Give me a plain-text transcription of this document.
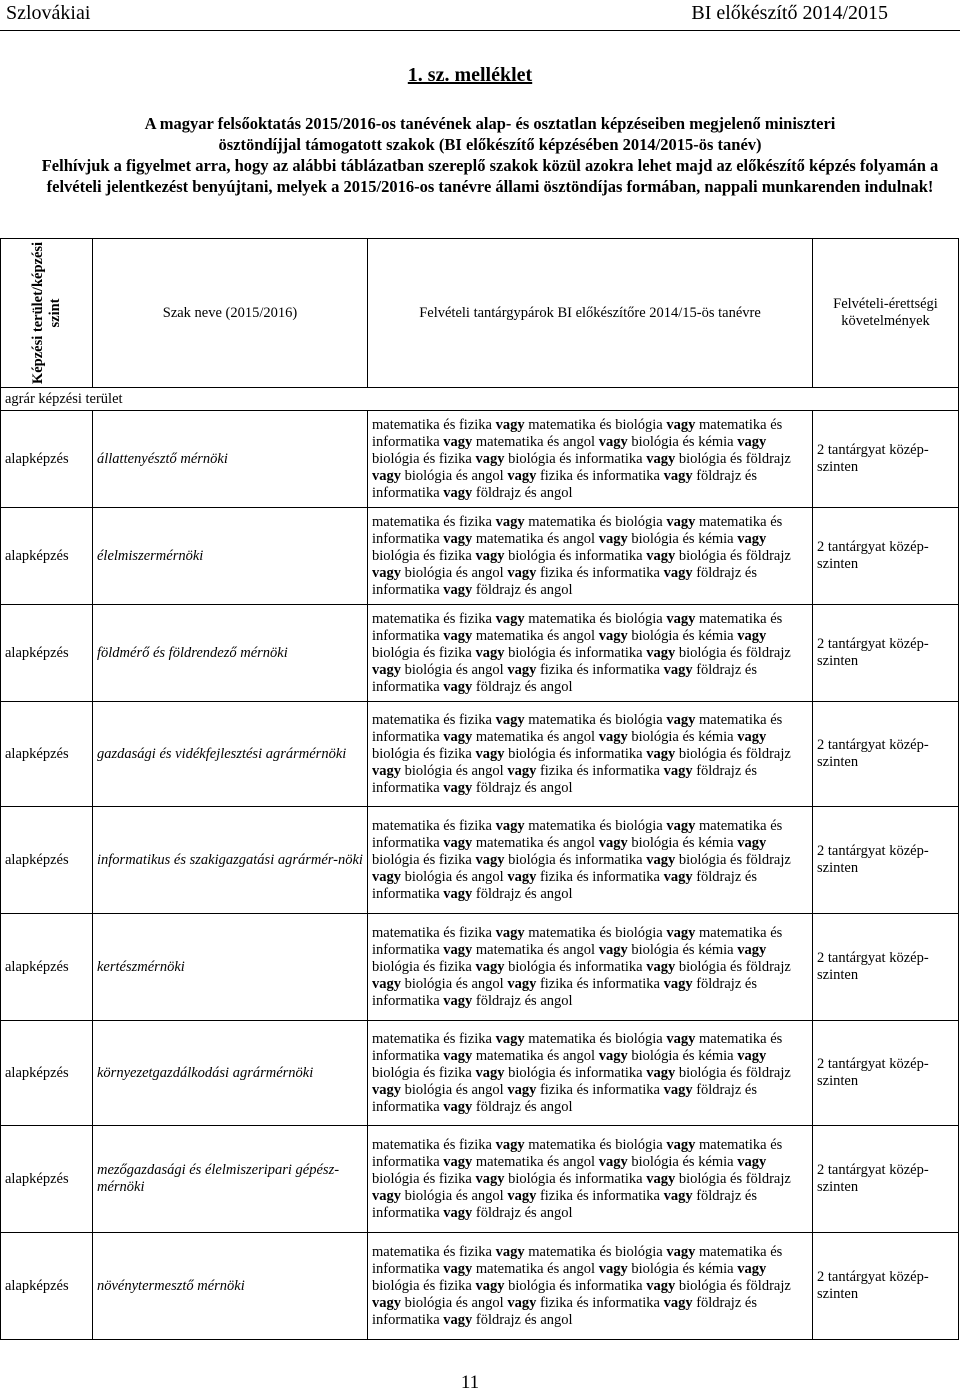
Szlovákiai	BI előkészítő 2014/2015
1. sz. melléklet
A magyar felsőoktatás 2015/2016-os tanévének alap- és osztatlan képzéseiben megjelenő miniszteri
ösztöndíjjal támogatott szakok (BI előkészítő képzésében 2014/2015-ös tanév)
Felhívjuk a figyelmet arra, hogy az alábbi táblázatban szereplő szakok közül azokra lehet majd az előkészítő képzés folyamán a felvételi jelentkezést benyújtani, melyek a 2015/2016-os tanévre állami ösztöndíjas formában, nappali munkarenden indulnak!
Képzési terület/képzési szint	Szak neve (2015/2016)	Felvételi tantárgypárok BI előkészítőre 2014/15-ös tanévre	Felvételi-érettségi követelmények
agrár képzési terület			
alapképzés	állattenyésztő mérnöki	matematika és fizika vagy matematika és biológia vagy matematika és informatika vagy matematika és angol vagy biológia és kémia vagy biológia és fizika vagy biológia és informatika vagy biológia és földrajz vagy biológia és angol vagy fizika és informatika vagy földrajz és informatika vagy földrajz és angol	2 tantárgyat közép-szinten
alapképzés	élelmiszermérnöki	matematika és fizika vagy matematika és biológia vagy matematika és informatika vagy matematika és angol vagy biológia és kémia vagy biológia és fizika vagy biológia és informatika vagy biológia és földrajz vagy biológia és angol vagy fizika és informatika vagy földrajz és informatika vagy földrajz és angol	2 tantárgyat közép-szinten
alapképzés	földmérő és földrendező mérnöki	matematika és fizika vagy matematika és biológia vagy matematika és informatika vagy matematika és angol vagy biológia és kémia vagy biológia és fizika vagy biológia és informatika vagy biológia és földrajz vagy biológia és angol vagy fizika és informatika vagy földrajz és informatika vagy földrajz és angol	2 tantárgyat közép-szinten
alapképzés	gazdasági és vidékfejlesztési agrármérnöki	matematika és fizika vagy matematika és biológia vagy matematika és informatika vagy matematika és angol vagy biológia és kémia vagy biológia és fizika vagy biológia és informatika vagy biológia és földrajz vagy biológia és angol vagy fizika és informatika vagy földrajz és informatika vagy földrajz és angol	2 tantárgyat közép-szinten
alapképzés	informatikus és szakigazgatási agrármér-nöki	matematika és fizika vagy matematika és biológia vagy matematika és informatika vagy matematika és angol vagy biológia és kémia vagy biológia és fizika vagy biológia és informatika vagy biológia és földrajz vagy biológia és angol vagy fizika és informatika vagy földrajz és informatika vagy földrajz és angol	2 tantárgyat közép-szinten
alapképzés	kertészmérnöki	matematika és fizika vagy matematika és biológia vagy matematika és informatika vagy matematika és angol vagy biológia és kémia vagy biológia és fizika vagy biológia és informatika vagy biológia és földrajz vagy biológia és angol vagy fizika és informatika vagy földrajz és informatika vagy földrajz és angol	2 tantárgyat közép-szinten
alapképzés	környezetgazdálkodási agrármérnöki	matematika és fizika vagy matematika és biológia vagy matematika és informatika vagy matematika és angol vagy biológia és kémia vagy biológia és fizika vagy biológia és informatika vagy biológia és földrajz vagy biológia és angol vagy fizika és informatika vagy földrajz és informatika vagy földrajz és angol	2 tantárgyat közép-szinten
alapképzés	mezőgazdasági és élelmiszeripari gépész-mérnöki	matematika és fizika vagy matematika és biológia vagy matematika és informatika vagy matematika és angol vagy biológia és kémia vagy biológia és fizika vagy biológia és informatika vagy biológia és földrajz vagy biológia és angol vagy fizika és informatika vagy földrajz és informatika vagy földrajz és angol	2 tantárgyat közép-szinten
alapképzés	növénytermesztő mérnöki	matematika és fizika vagy matematika és biológia vagy matematika és informatika vagy matematika és angol vagy biológia és kémia vagy biológia és fizika vagy biológia és informatika vagy biológia és földrajz vagy biológia és angol vagy fizika és informatika vagy földrajz és informatika vagy földrajz és angol	2 tantárgyat közép-szinten
11
